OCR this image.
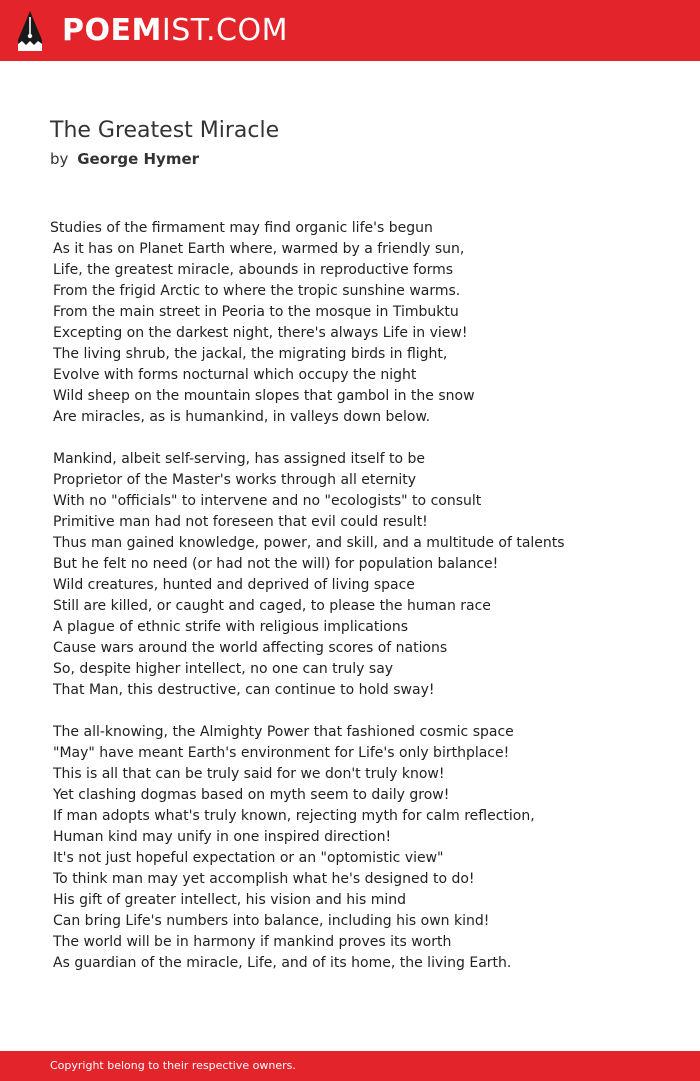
POEMIST.COM
The Greatest Miracle
by George Hymer
Studies of the firmament may find organic life's begun
As it has on Planet Earth where, warmed by a friendly sun,
Life, the greatest miracle, abounds in reproductive forms
From the frigid Arctic to where the tropic sunshine warms.
From the main street in Peoria to the mosque in Timbuktu
Excepting on the darkest night, there's always Life in view!
The living shrub, the jackal, the migrating birds in flight,
Evolve with forms nocturnal which occupy the night
Wild sheep on the mountain slopes that gambol in the snow
Are miracles, as is humankind, in valleys down below.
Mankind, albeit self-serving, has assigned itself to be
Proprietor of the Master's works through all eternity
With no "officials" to intervene and no "ecologists" to consult
Primitive man had not foreseen that evil could result!
Thus man gained knowledge, power, and skill, and a multitude of talents
But he felt no need (or had not the will) for population balance!
Wild creatures, hunted and deprived of living space
Still are killed, or caught and caged, to please the human race
A plague of ethnic strife with religious implications
Cause wars around the world affecting scores of nations
So, despite higher intellect, no one can truly say
That Man, this destructive, can continue to hold sway!
The all-knowing, the Almighty Power that fashioned cosmic space
"May" have meant Earth's environment for Life's only birthplace!
This is all that can be truly said for we don't truly know!
Yet clashing dogmas based on myth seem to daily grow!
If man adopts what's truly known, rejecting myth for calm reflection,
Human kind may unify in one inspired direction!
It's not just hopeful expectation or an "optomistic view"
To think man may yet accomplish what he's designed to do!
His gift of greater intellect, his vision and his mind
Can bring Life's numbers into balance, including his own kind!
The world will be in harmony if mankind proves its worth
As guardian of the miracle, Life, and of its home, the living Earth.
Copyright belong to their respective owners.
